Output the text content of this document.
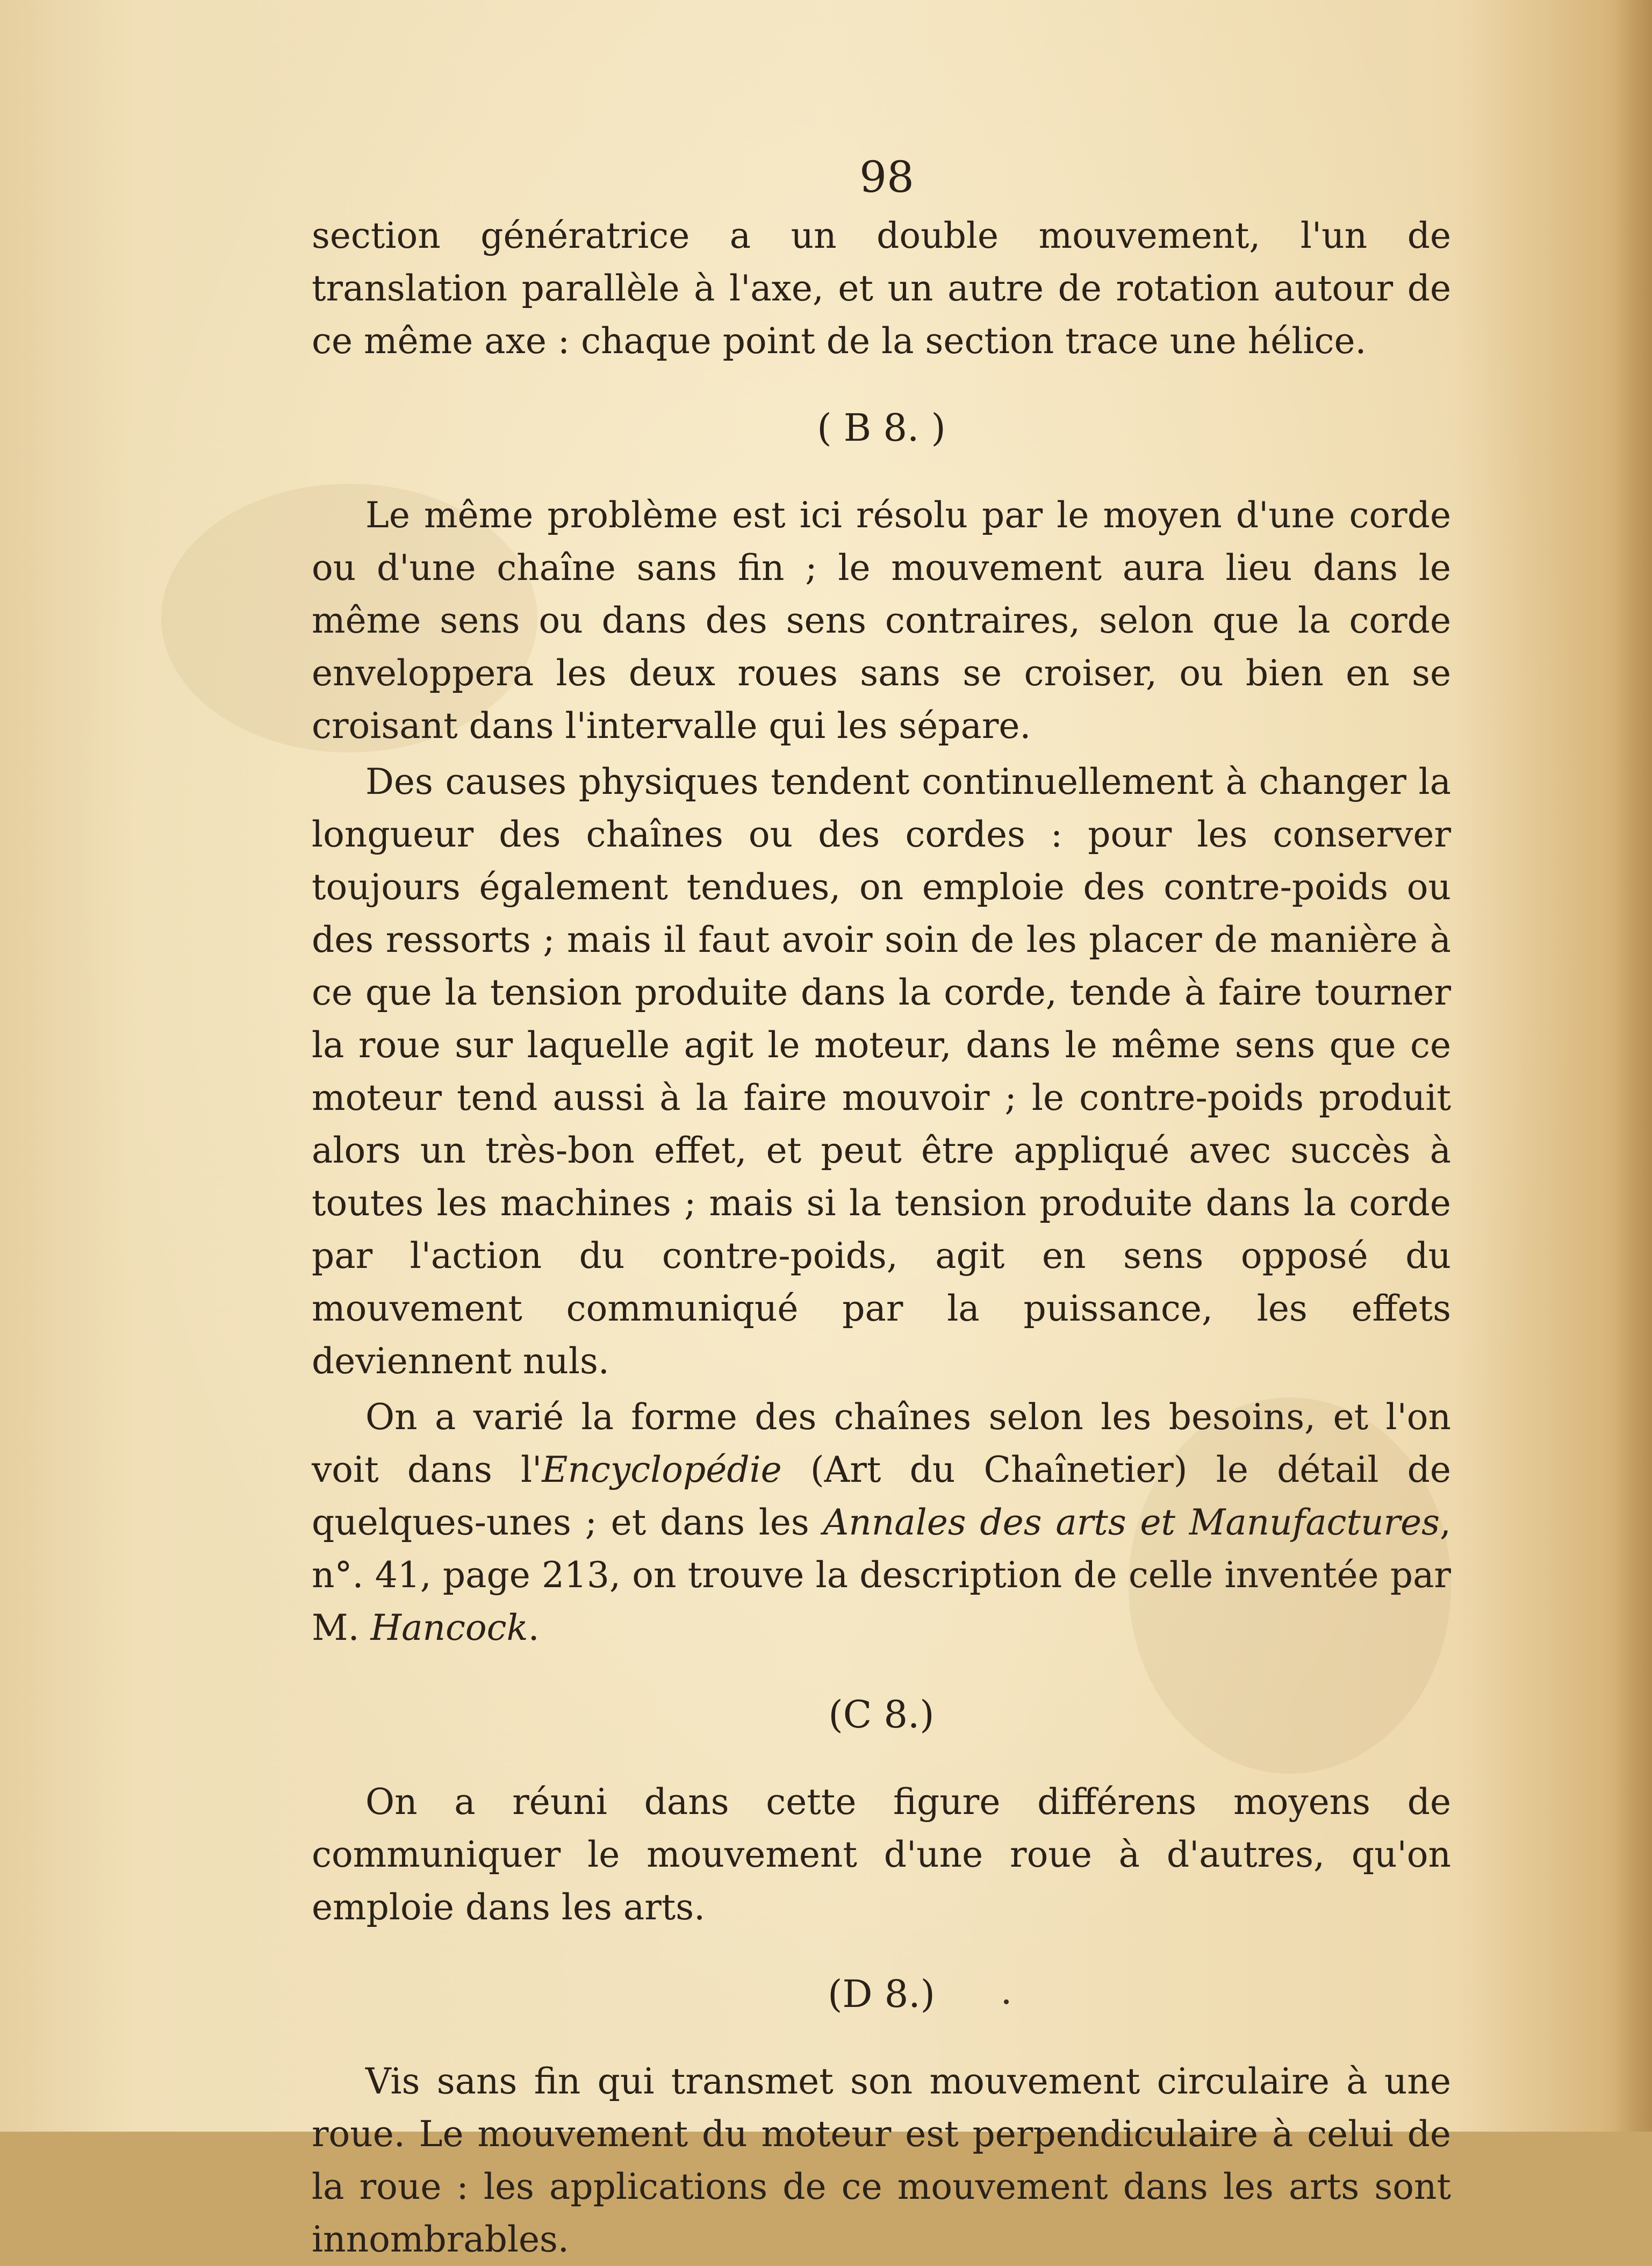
98

section génératrice a un double mouvement, l'un de translation parallèle à l'axe, et un autre de rotation autour de ce même axe : chaque point de la section trace une hélice.

( B 8. )

Le même problème est ici résolu par le moyen d'une corde ou d'une chaîne sans fin ; le mouvement aura lieu dans le même sens ou dans des sens contraires, selon que la corde enveloppera les deux roues sans se croiser, ou bien en se croisant dans l'intervalle qui les sépare.

Des causes physiques tendent continuellement à changer la longueur des chaînes ou des cordes : pour les conserver toujours également tendues, on emploie des contre-poids ou des ressorts ; mais il faut avoir soin de les placer de manière à ce que la tension produite dans la corde, tende à faire tourner la roue sur laquelle agit le moteur, dans le même sens que ce moteur tend aussi à la faire mouvoir ; le contre-poids produit alors un très-bon effet, et peut être appliqué avec succès à toutes les machines ; mais si la tension produite dans la corde par l'action du contre-poids, agit en sens opposé du mouvement communiqué par la puissance, les effets deviennent nuls.

On a varié la forme des chaînes selon les besoins, et l'on voit dans l'Encyclopédie (Art du Chaînetier) le détail de quelques-unes ; et dans les Annales des arts et Manufactures, n°. 41, page 213, on trouve la description de celle inventée par M. Hancock.

(C 8.)

On a réuni dans cette figure différens moyens de communiquer le mouvement d'une roue à d'autres, qu'on emploie dans les arts.

(D 8.)

Vis sans fin qui transmet son mouvement circulaire à une roue. Le mouvement du moteur est perpendiculaire à celui de la roue : les applications de ce mouvement dans les arts sont innombrables.
